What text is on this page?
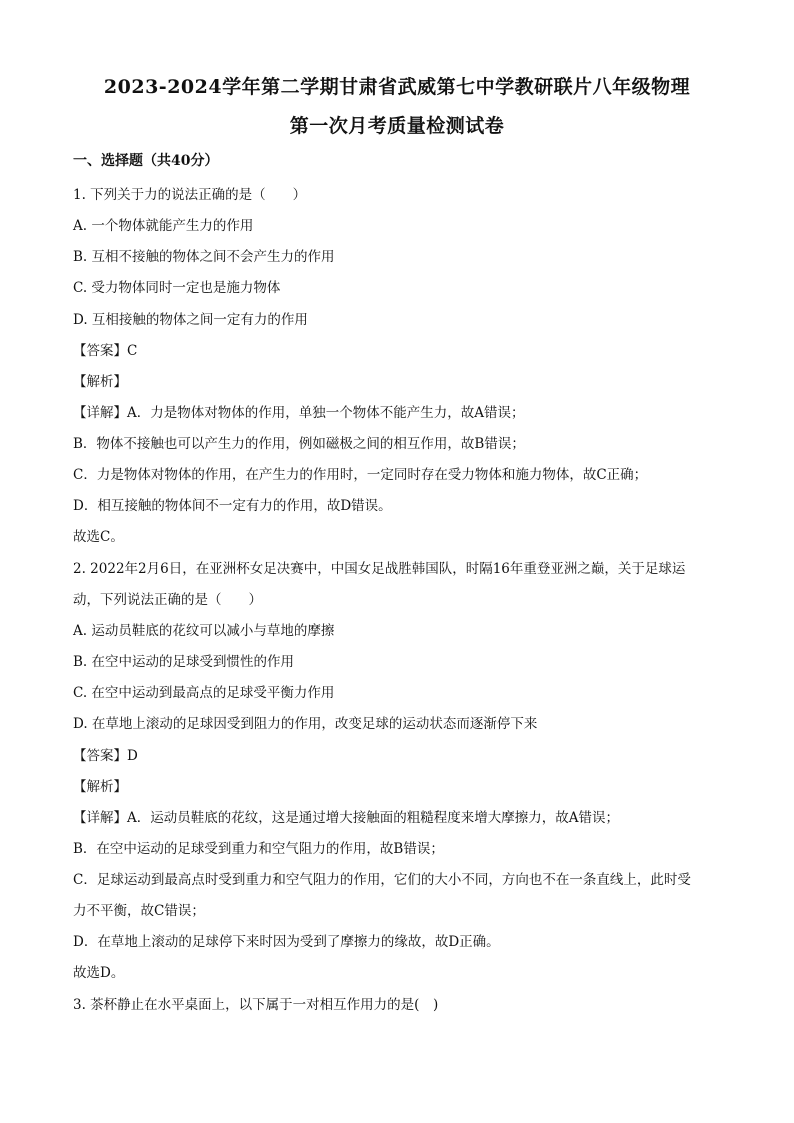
2023-2024学年第二学期甘肃省武威第七中学教研联片八年级物理
第一次月考质量检测试卷
一、选择题（共40分）
1. 下列关于力的说法正确的是（　　）
A. 一个物体就能产生力的作用
B. 互相不接触的物体之间不会产生力的作用
C. 受力物体同时一定也是施力物体
D. 互相接触的物体之间一定有力的作用
【答案】C
【解析】
【详解】A．力是物体对物体的作用，单独一个物体不能产生力，故A错误；
B．物体不接触也可以产生力的作用，例如磁极之间的相互作用，故B错误；
C．力是物体对物体的作用，在产生力的作用时，一定同时存在受力物体和施力物体，故C正确；
D．相互接触的物体间不一定有力的作用，故D错误。
故选C。
2. 2022年2月6日，在亚洲杯女足决赛中，中国女足战胜韩国队，时隔16年重登亚洲之巅，关于足球运
动，下列说法正确的是（　　）
A. 运动员鞋底的花纹可以减小与草地的摩擦
B. 在空中运动的足球受到惯性的作用
C. 在空中运动到最高点的足球受平衡力作用
D. 在草地上滚动的足球因受到阻力的作用，改变足球的运动状态而逐渐停下来
【答案】D
【解析】
【详解】A．运动员鞋底的花纹，这是通过增大接触面的粗糙程度来增大摩擦力，故A错误；
B．在空中运动的足球受到重力和空气阻力的作用，故B错误；
C．足球运动到最高点时受到重力和空气阻力的作用，它们的大小不同，方向也不在一条直线上，此时受
力不平衡，故C错误；
D．在草地上滚动的足球停下来时因为受到了摩擦力的缘故，故D正确。
故选D。
3. 茶杯静止在水平桌面上，以下属于一对相互作用力的是(　)
